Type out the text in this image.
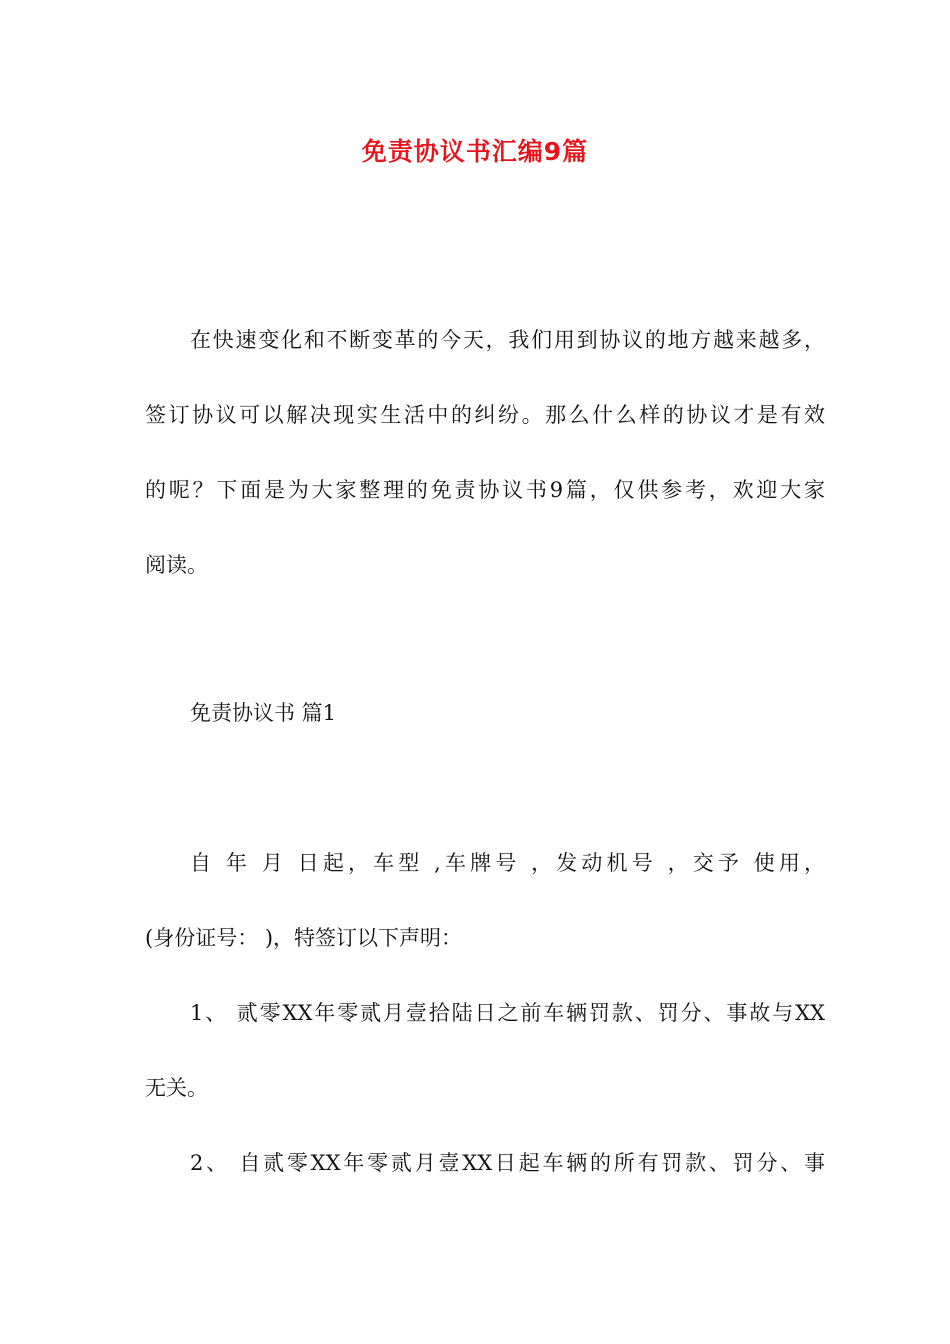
免责协议书汇编9篇
在快速变化和不断变革的今天，我们用到协议的地方越来越多，
签订协议可以解决现实生活中的纠纷。那么什么样的协议才是有效
的呢？下面是为大家整理的免责协议书9篇，仅供参考，欢迎大家
阅读。
免责协议书 篇1
自 年 月 日起，车型 ,车牌号 ，发动机号 ，交予 使用，
(身份证号： )，特签订以下声明：
1、 贰零XX年零贰月壹拾陆日之前车辆罚款、罚分、事故与XX
无关。
2、 自贰零XX年零贰月壹XX日起车辆的所有罚款、罚分、事
